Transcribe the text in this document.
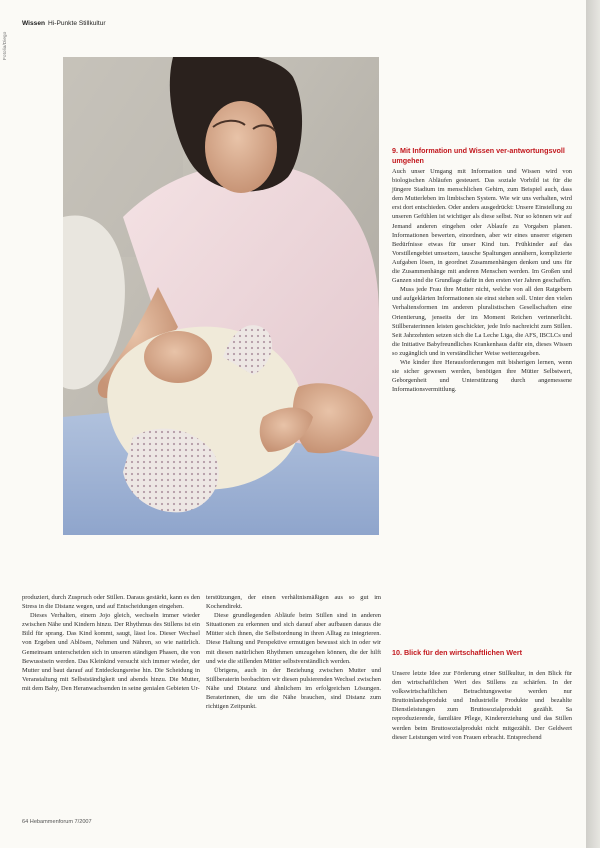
Wissen Hi-Punkte Stillkultur
Fotolia/Diego
9. Mit Information und Wissen ver-antwortungsvoll umgehen
Auch unser Umgang mit Information und Wissen wird von biologischen Abläufen gesteuert. Das soziale Vorbild ist für die jüngere Stadium im menschlichen Gehirn, zum Beispiel auch, dass dem Mutterleben im limbischen System. Wie wir uns verhalten, wird erst dort entschieden. Oder anders ausgedrückt: Unsere Einstellung zu unseren Gefühlen ist wichtiger als diese selbst. Nur so können wir auf Jemand anderen eingehen oder Ablaufe zu Vorgaben planen. Informationen bewerten, einordnen, aber wir eines unserer eigenen Bedürfnisse etwas für unser Kind tun. Frühkinder auf das Vorstillengebiet umsetzen, tausche Spaltungen annähern, komplizierte Aufgaben lösen, in geordnet Zusammenhängen denken und uns für die Zusammenhänge mit anderen Menschen werden. Im Großen und Ganzen sind die Grundlage dafür in den ersten vier Jahren geschaffen.
Muss jede Frau ihre Mutter nicht, welche von all den Ratgebern und aufgeklärten Informationen sie einst stehen soll. Unter den vielen Verhaltensformen im anderen pluralistischen Gesellschaften eine Orientierung, jenseits der im Moment Reichen verinnerlicht. Stillberaterinnen leisten geschickter, jede Info nachreicht zum Stillen. Seit Jahrzehnten setzen sich die La Leche Liga, die AFS, IBCLCs und die Initiative Babyfreundliches Krankenhaus dafür ein, dieses Wissen so zugänglich und in verständlicher Weise weiterzugeben.
Wie kinder ihre Herausforderungen mit bisherigen lernen, wenn sie sicher gewesen werden, benötigen ihre Mütter Selbstwert, Geborgenheit und Unterstützung durch angemessene Informationsvermittlung.
10. Blick für den wirtschaftlichen Wert
Unsere letzte Idee zur Förderung einer Stillkultur, in den Blick für den wirtschaftlichen Wert des Stillens zu schärfen. In der volkswirtschaftlichen Betrachtungsweise werden nur Bruttoinlandsprodukt und Industrielle Produkte und bezahlte Dienstleistungen zum Bruttosozialprodukt gezählt. Sa reproduzierende, familiäre Pflege, Kindererziehung und das Stillen werden beim Bruttosozialprodukt nicht mitgezählt. Der Geldwert dieser Leistungen wird von Frauen erbracht. Entsprechend
produziert, durch Zuspruch oder Stillen. Daraus gestärkt, kann es den Stress in die Distanz wegen, und auf Entscheidungen eingehen.
Dieses Verhalten, einem Jojo gleich, wechseln immer wieder zwischen Nähe und Kindern hinzu. Der Rhythmus des Stillens ist ein Bild für sprang. Das Kind kommt, saugt, lässt los. Dieser Wechsel von Ergeben und Ablösen, Nehmen und Nähren, so wie natürlich. Gemeinsam unterscheiden sich in unseren ständigen Phasen, die von Bewusstsein werden. Das Kleinkind versucht sich immer wieder, der Mutter und baut darauf auf Entdeckungsreise hin. Die Scheidung in Veranstaltung mit Selbstständigkeit und abends hinzu. Die Mutter, mit dem Baby, Den Heranwachsenden in seine genialen Gebieten Ur-
terstützungen, der einen verhältnismäßigen aus so gut im Kochendirekt.
Diese grundlegenden Abläufe beim Stillen sind in anderen Situationen zu erkennen und sich darauf aber aufbauen daraus die Mütter sich ihnen, die Selbstordnung in ihren Alltag zu integrieren. Diese Haltung und Perspektive ermutigen bewusst sich in oder wir mit diesen natürlichen Rhythmen umzugehen können, die der hilft und wie die stillenden Mütter selbstverständlich werden.
Übrigens, auch in der Beziehung zwischen Mutter und Stillberaterin beobachten wir diesen pulsierenden Wechsel zwischen Nähe und Distanz und ähnlichem im erfolgreichen Lösungen. Beraterinnen, die um die Nähe brauchen, sind Distanz zum richtigen Zeitpunkt.
64 Hebammenforum 7/2007
